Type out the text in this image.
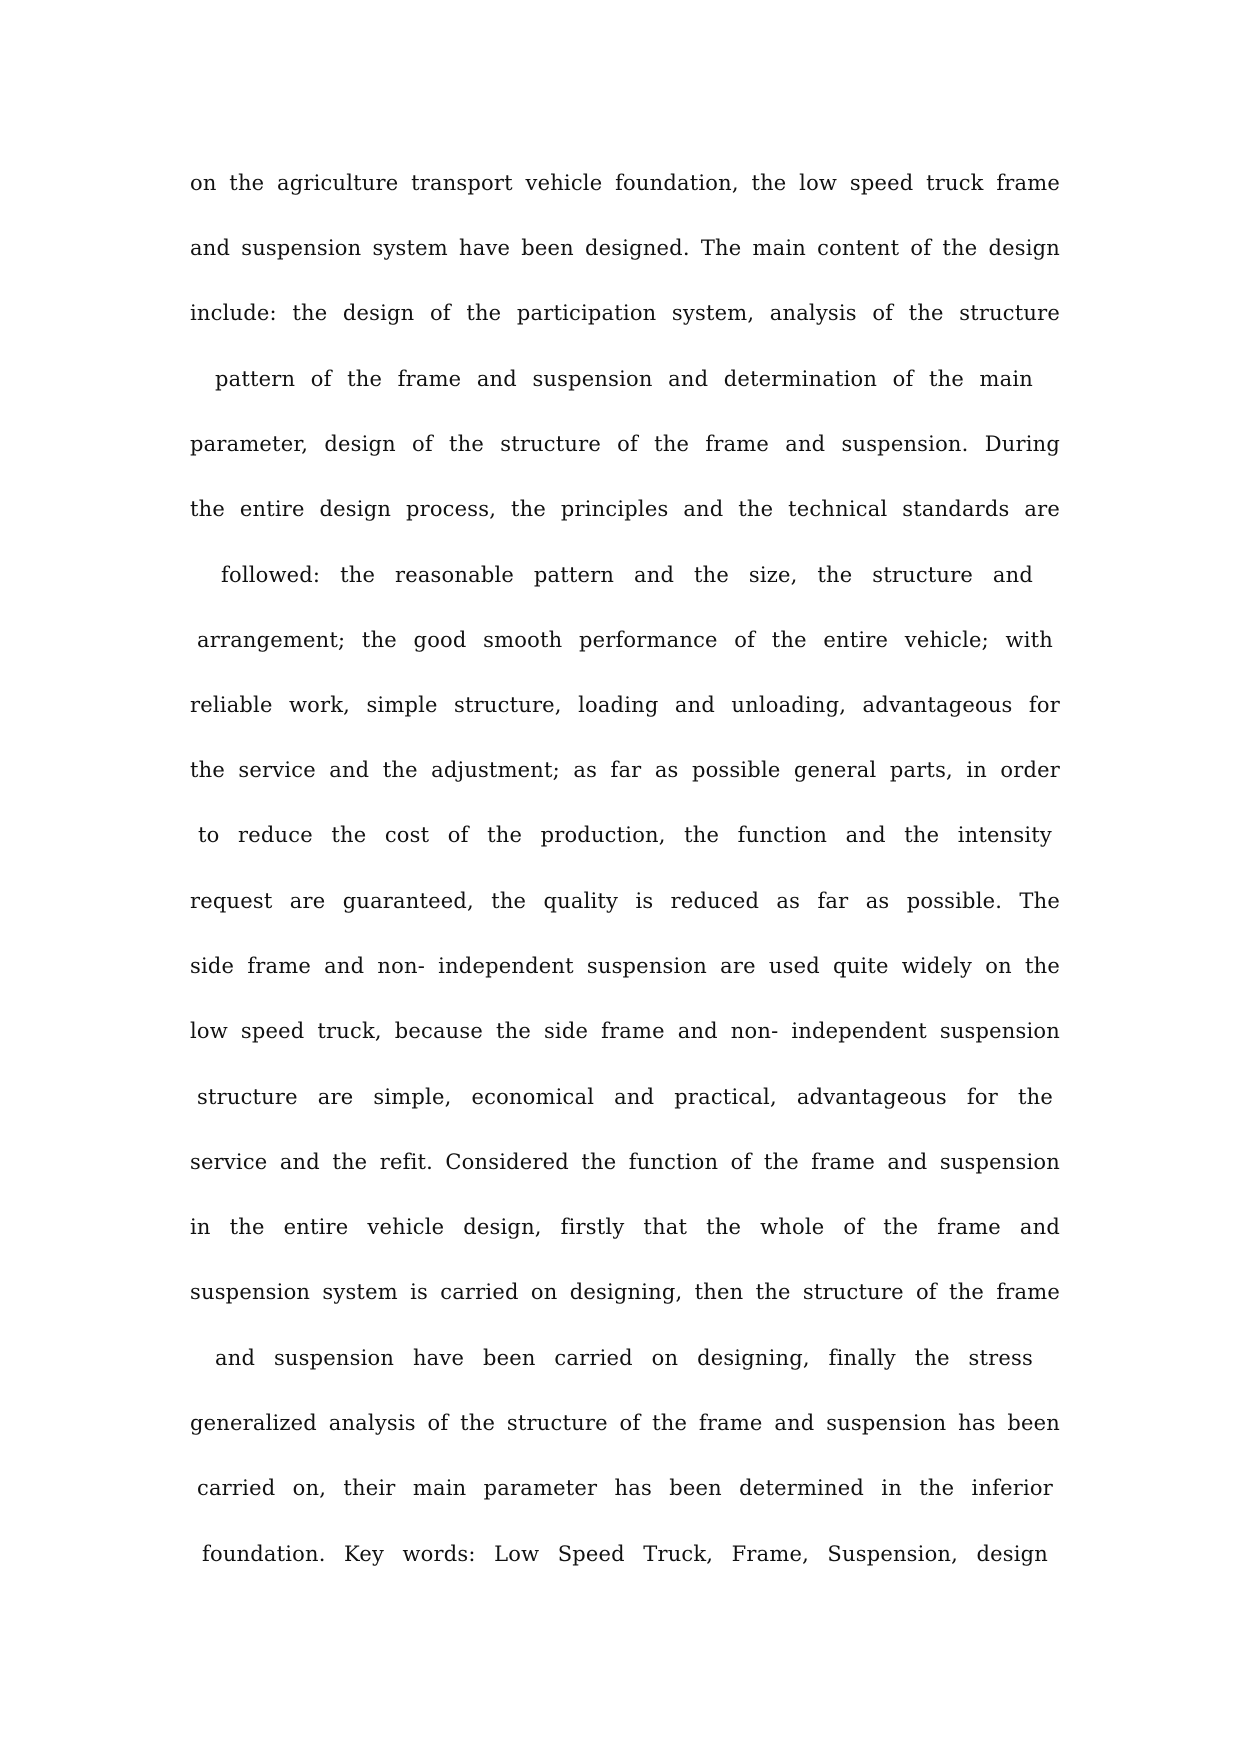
on the agriculture transport vehicle foundation, the low speed truck frame
and suspension system have been designed. The main content of the design
include: the design of the participation system, analysis of the structure
pattern of the frame and suspension and determination of the main
parameter, design of the structure of the frame and suspension. During
the entire design process, the principles and the technical standards are
followed: the reasonable pattern and the size, the structure and
arrangement; the good smooth performance of the entire vehicle; with
reliable work, simple structure, loading and unloading, advantageous for
the service and the adjustment; as far as possible general parts, in order
to reduce the cost of the production, the function and the intensity
request are guaranteed, the quality is reduced as far as possible. The
side frame and non- independent suspension are used quite widely on the
low speed truck, because the side frame and non- independent suspension
structure are simple, economical and practical, advantageous for the
service and the refit. Considered the function of the frame and suspension
in the entire vehicle design, firstly that the whole of the frame and
suspension system is carried on designing, then the structure of the frame
and suspension have been carried on designing, finally the stress
generalized analysis of the structure of the frame and suspension has been
carried on, their main parameter has been determined in the inferior
foundation. Key words: Low Speed Truck, Frame, Suspension, design
